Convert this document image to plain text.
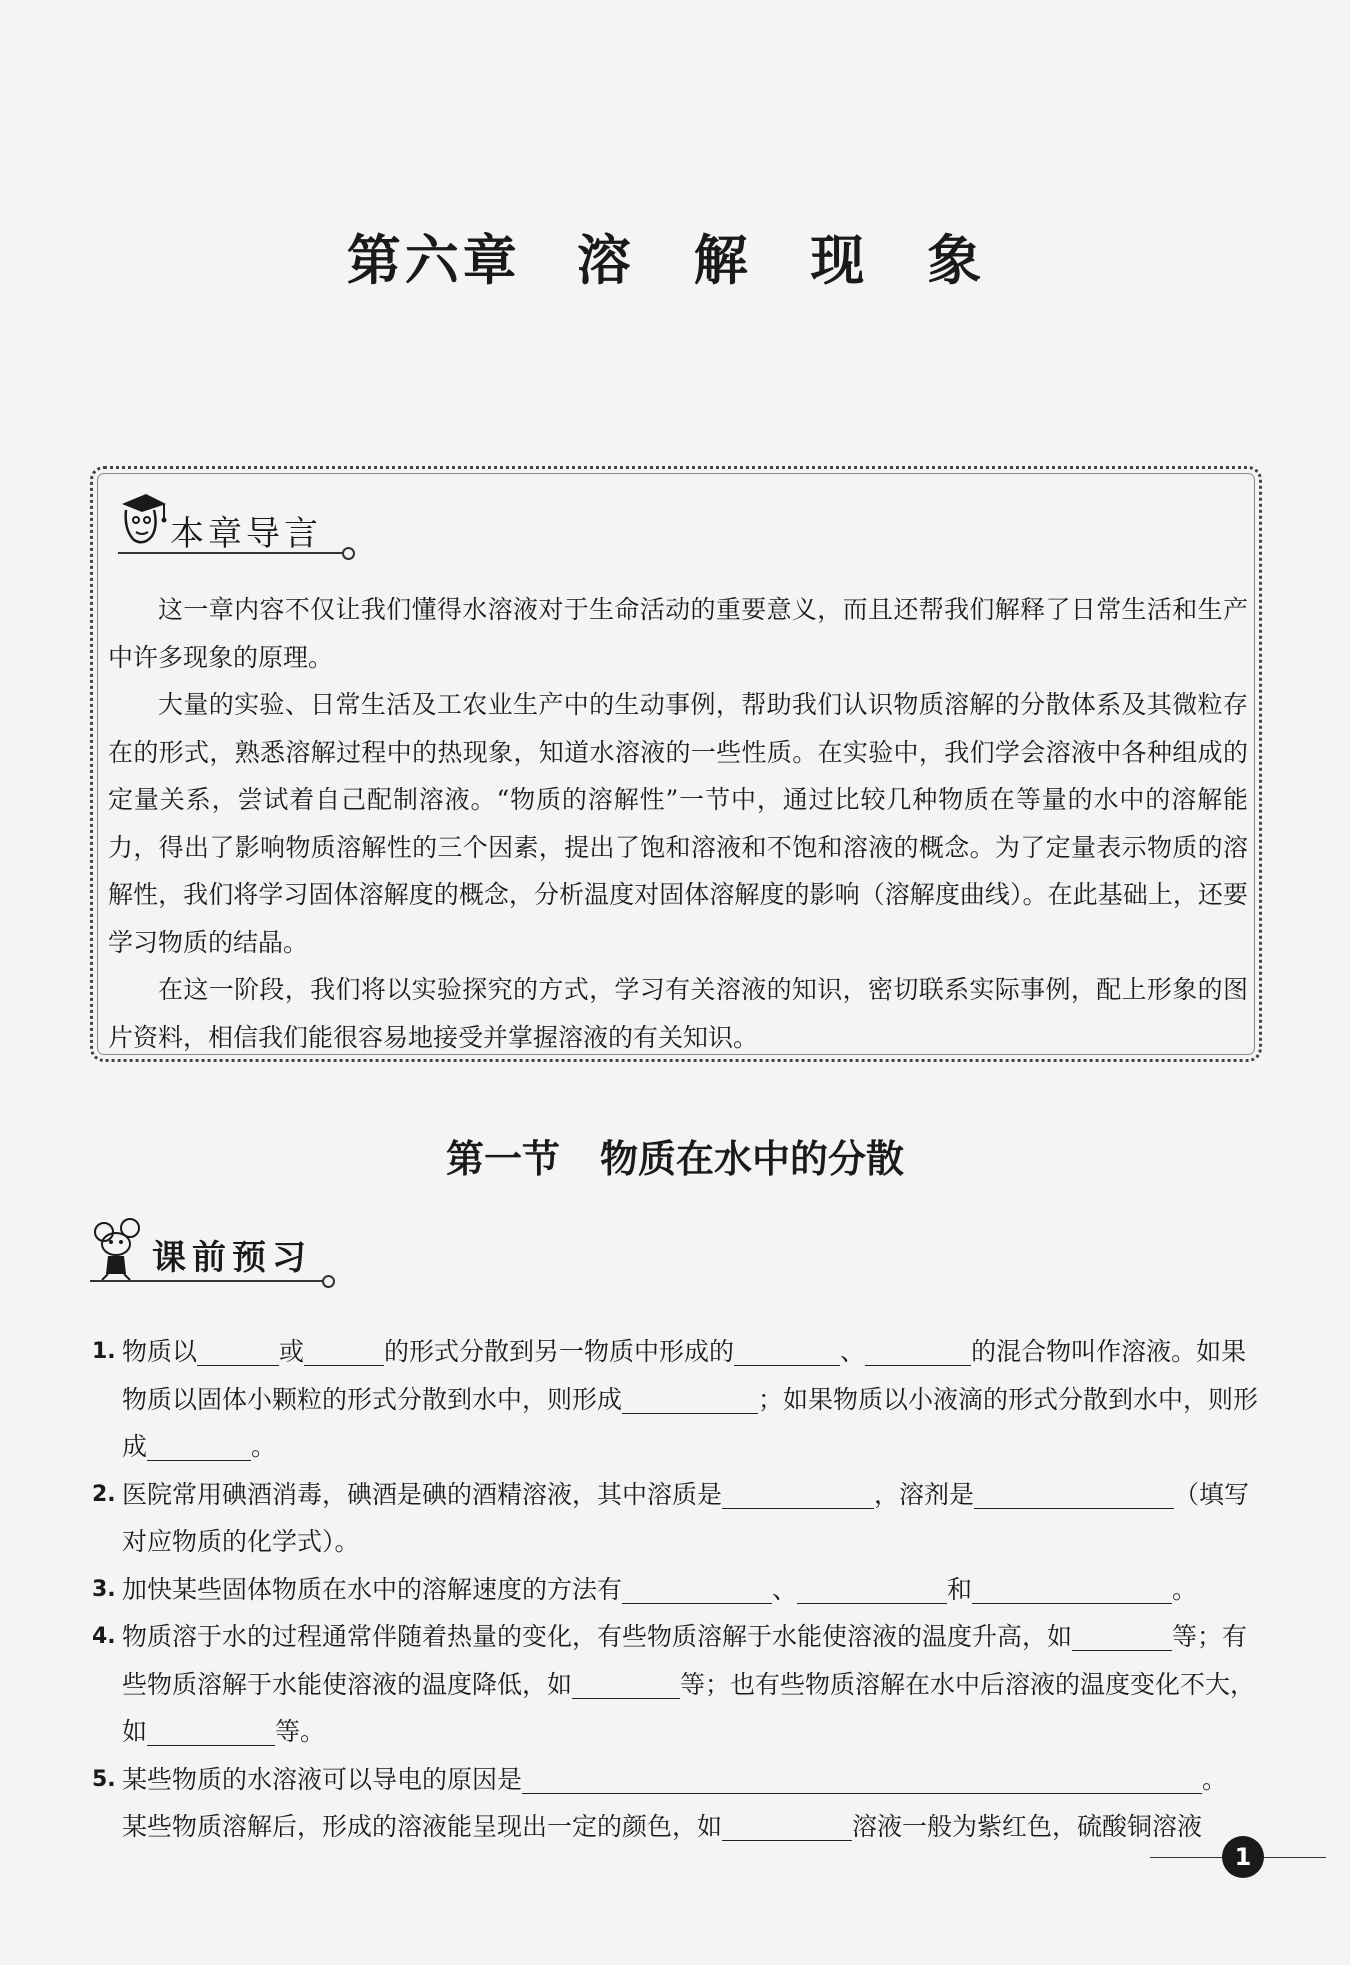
第六章 溶 解 现 象
本章导言

这一章内容不仅让我们懂得水溶液对于生命活动的重要意义，而且还帮我们解释了日常生活和生产中许多现象的原理。

大量的实验、日常生活及工农业生产中的生动事例，帮助我们认识物质溶解的分散体系及其微粒存在的形式，熟悉溶解过程中的热现象，知道水溶液的一些性质。在实验中，我们学会溶液中各种组成的定量关系，尝试着自己配制溶液。“物质的溶解性”一节中，通过比较几种物质在等量的水中的溶解能力，得出了影响物质溶解性的三个因素，提出了饱和溶液和不饱和溶液的概念。为了定量表示物质的溶解性，我们将学习固体溶解度的概念，分析温度对固体溶解度的影响（溶解度曲线）。在此基础上，还要学习物质的结晶。

在这一阶段，我们将以实验探究的方式，学习有关溶液的知识，密切联系实际事例，配上形象的图片资料，相信我们能很容易地接受并掌握溶液的有关知识。

第一节 物质在水中的分散
课前预习
1. 物质以	或	的形式分散到另一物质中形成的	、	的混合物叫作溶液。如果物质以固体小颗粒的形式分散到水中，则形成	；如果物质以小液滴的形式分散到水中，则形成	。
2. 医院常用碘酒消毒，碘酒是碘的酒精溶液，其中溶质是	，溶剂是	（填写对应物质的化学式）。
3. 加快某些固体物质在水中的溶解速度的方法有	、	和	。
4. 物质溶于水的过程通常伴随着热量的变化，有些物质溶解于水能使溶液的温度升高，如	等；有些物质溶解于水能使溶液的温度降低，如	等；也有些物质溶解在水中后溶液的温度变化不大，如	等。
5. 某些物质的水溶液可以导电的原因是	。
某些物质溶解后，形成的溶液能呈现出一定的颜色，如	溶液一般为紫红色，硫酸铜溶液
1
